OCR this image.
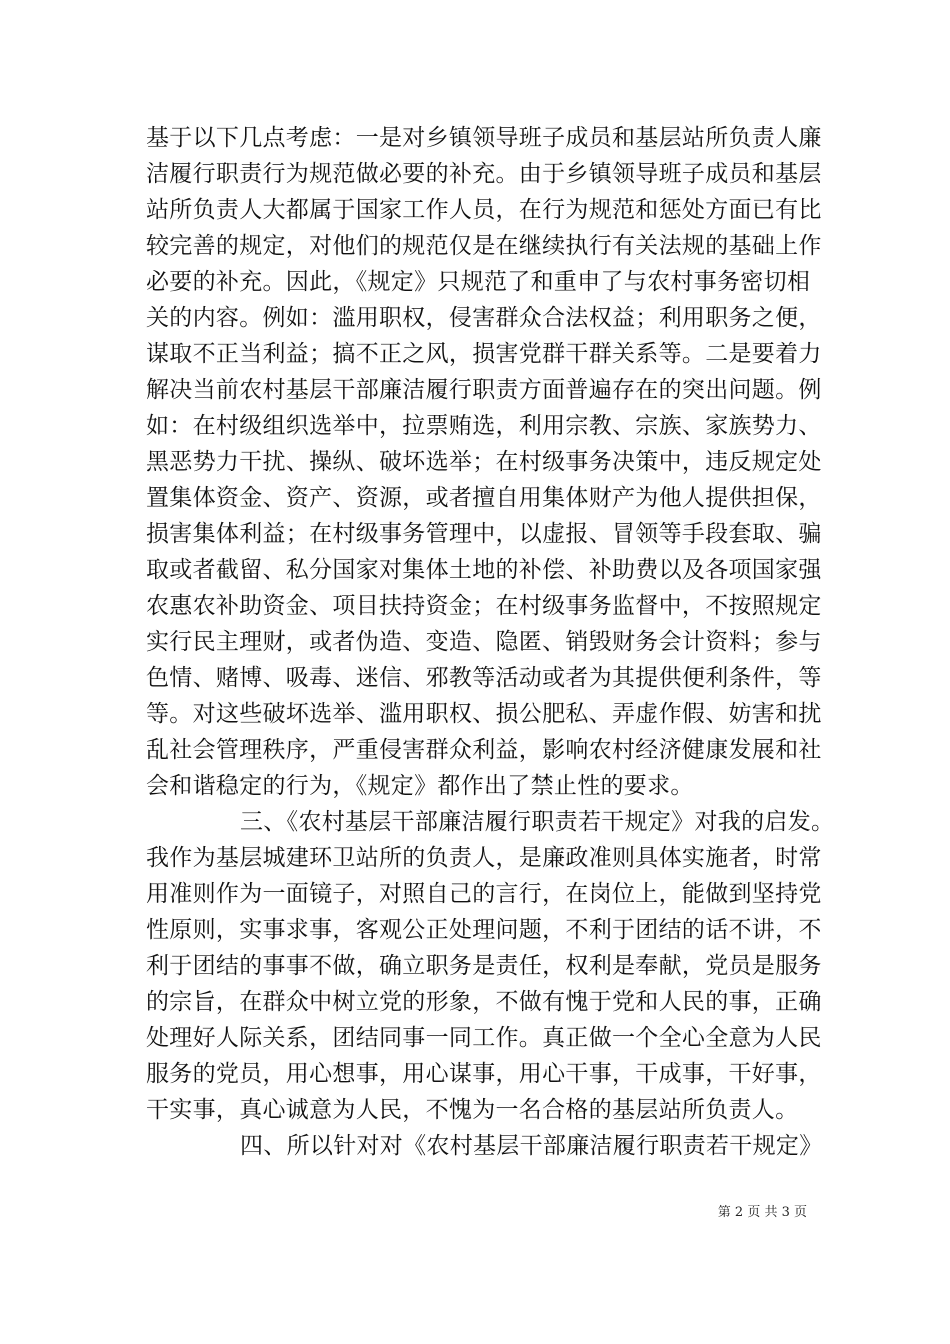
基于以下几点考虑：一是对乡镇领导班子成员和基层站所负责人廉
洁履行职责行为规范做必要的补充。由于乡镇领导班子成员和基层
站所负责人大都属于国家工作人员，在行为规范和惩处方面已有比
较完善的规定，对他们的规范仅是在继续执行有关法规的基础上作
必要的补充。因此，《规定》只规范了和重申了与农村事务密切相
关的内容。例如：滥用职权，侵害群众合法权益；利用职务之便，
谋取不正当利益；搞不正之风，损害党群干群关系等。二是要着力
解决当前农村基层干部廉洁履行职责方面普遍存在的突出问题。例
如：在村级组织选举中，拉票贿选，利用宗教、宗族、家族势力、
黑恶势力干扰、操纵、破坏选举；在村级事务决策中，违反规定处
置集体资金、资产、资源，或者擅自用集体财产为他人提供担保，
损害集体利益；在村级事务管理中，以虚报、冒领等手段套取、骗
取或者截留、私分国家对集体土地的补偿、补助费以及各项国家强
农惠农补助资金、项目扶持资金；在村级事务监督中，不按照规定
实行民主理财，或者伪造、变造、隐匿、销毁财务会计资料；参与
色情、赌博、吸毒、迷信、邪教等活动或者为其提供便利条件，等
等。对这些破坏选举、滥用职权、损公肥私、弄虚作假、妨害和扰
乱社会管理秩序，严重侵害群众利益，影响农村经济健康发展和社
会和谐稳定的行为，《规定》都作出了禁止性的要求。
三、《农村基层干部廉洁履行职责若干规定》对我的启发。
我作为基层城建环卫站所的负责人，是廉政准则具体实施者，时常
用准则作为一面镜子，对照自己的言行，在岗位上，能做到坚持党
性原则，实事求事，客观公正处理问题，不利于团结的话不讲，不
利于团结的事事不做，确立职务是责任，权利是奉献，党员是服务
的宗旨，在群众中树立党的形象，不做有愧于党和人民的事，正确
处理好人际关系，团结同事一同工作。真正做一个全心全意为人民
服务的党员，用心想事，用心谋事，用心干事，干成事，干好事，
干实事，真心诚意为人民，不愧为一名合格的基层站所负责人。
四、所以针对对《农村基层干部廉洁履行职责若干规定》
第 2 页 共 3 页
